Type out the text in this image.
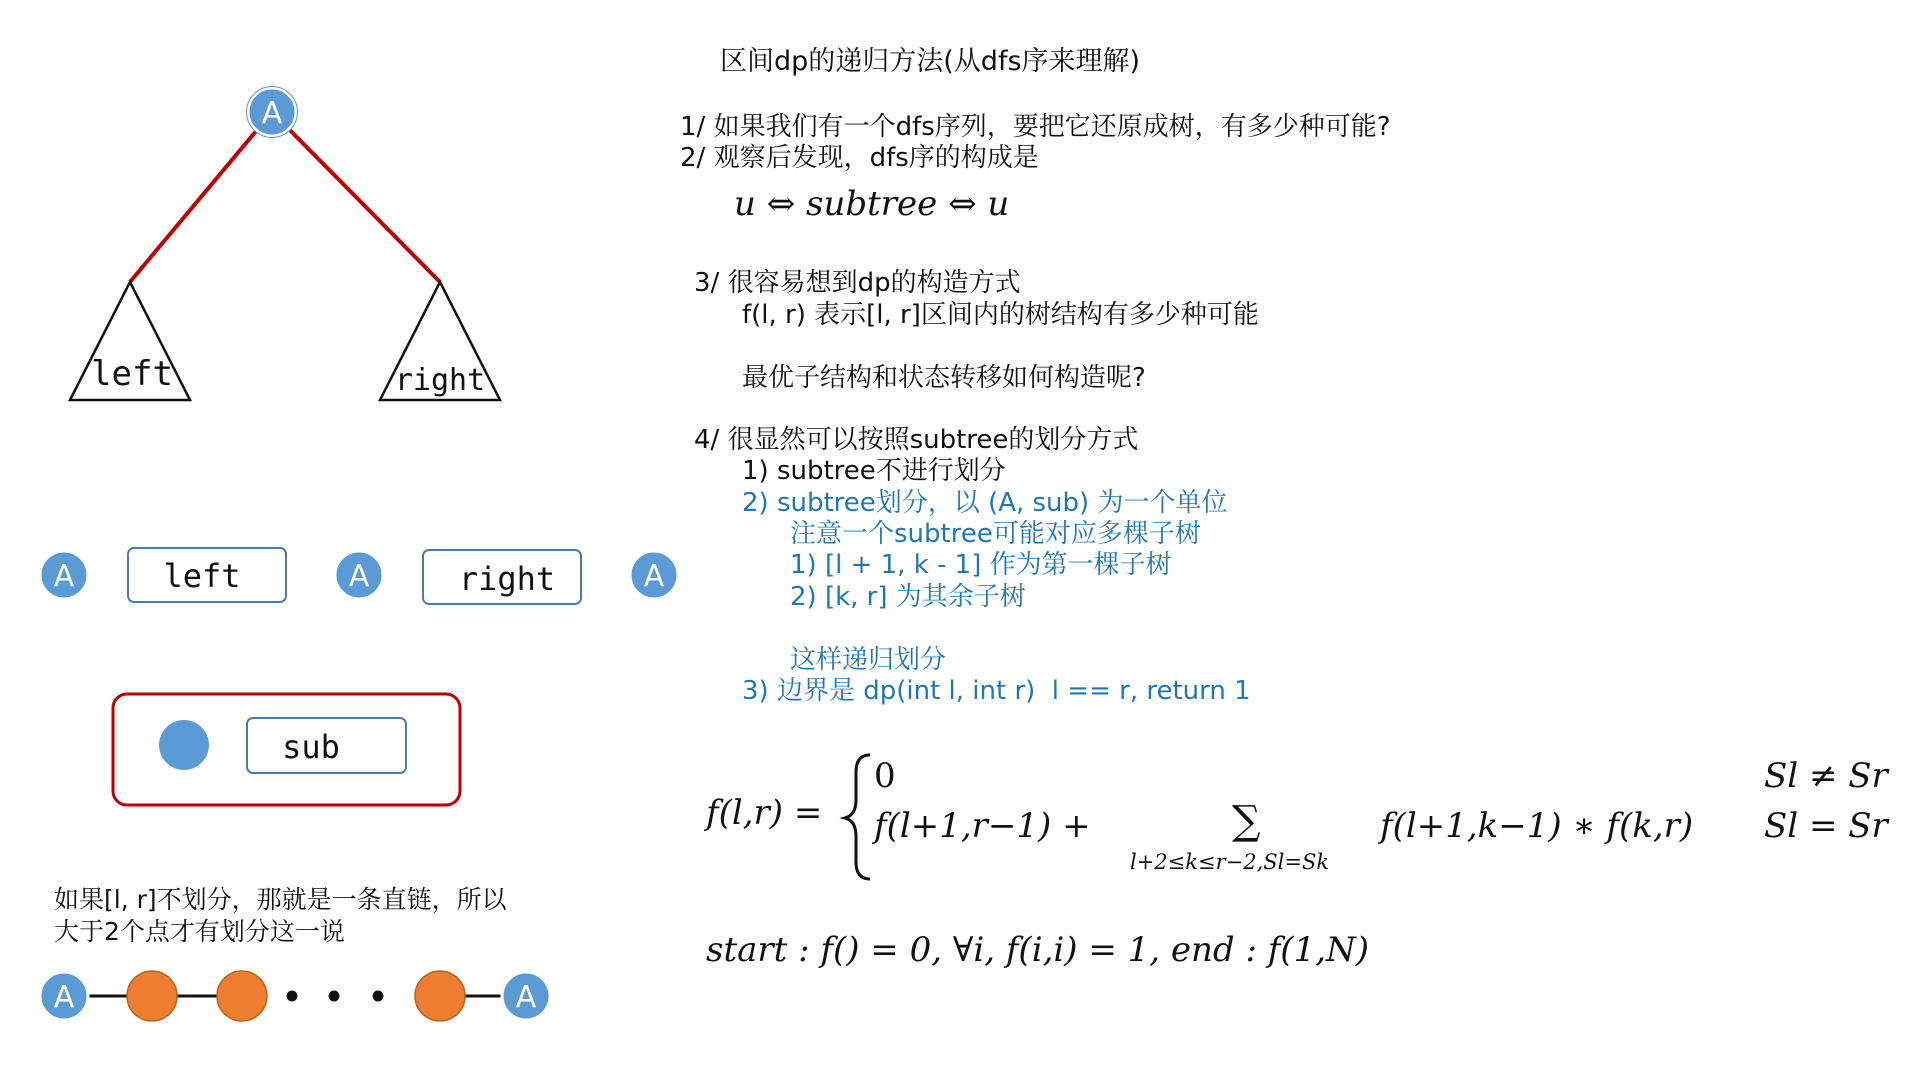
left	right
A
A	left	A	right	A
sub
A	A
如果[l, r]不划分，那就是一条直链，所以
大于2个点才有划分这一说
区间dp的递归方法(从dfs序来理解)
1/ 如果我们有一个dfs序列，要把它还原成树，有多少种可能?
2/ 观察后发现，dfs序的构成是
u ⇔ subtree ⇔ u
3/ 很容易想到dp的构造方式
f(l, r) 表示[l, r]区间内的树结构有多少种可能
最优子结构和状态转移如何构造呢?
4/ 很显然可以按照subtree的划分方式
1) subtree不进行划分
2) subtree划分，以 (A, sub) 为一个单位
注意一个subtree可能对应多棵子树
1) [l + 1, k - 1] 作为第一棵子树
2) [k, r] 为其余子树
这样递归划分
3) 边界是 dp(int l, int r)  l == r, return 1
f(l,r) =
0	Sl ≠ Sr
f(l+1,r−1) +	∑
l+2≤k≤r−2,Sl=Sk
f(l+1,k−1) ∗ f(k,r) Sl = Sr
start : f() = 0, ∀i, f(i,i) = 1, end : f(1,N)
